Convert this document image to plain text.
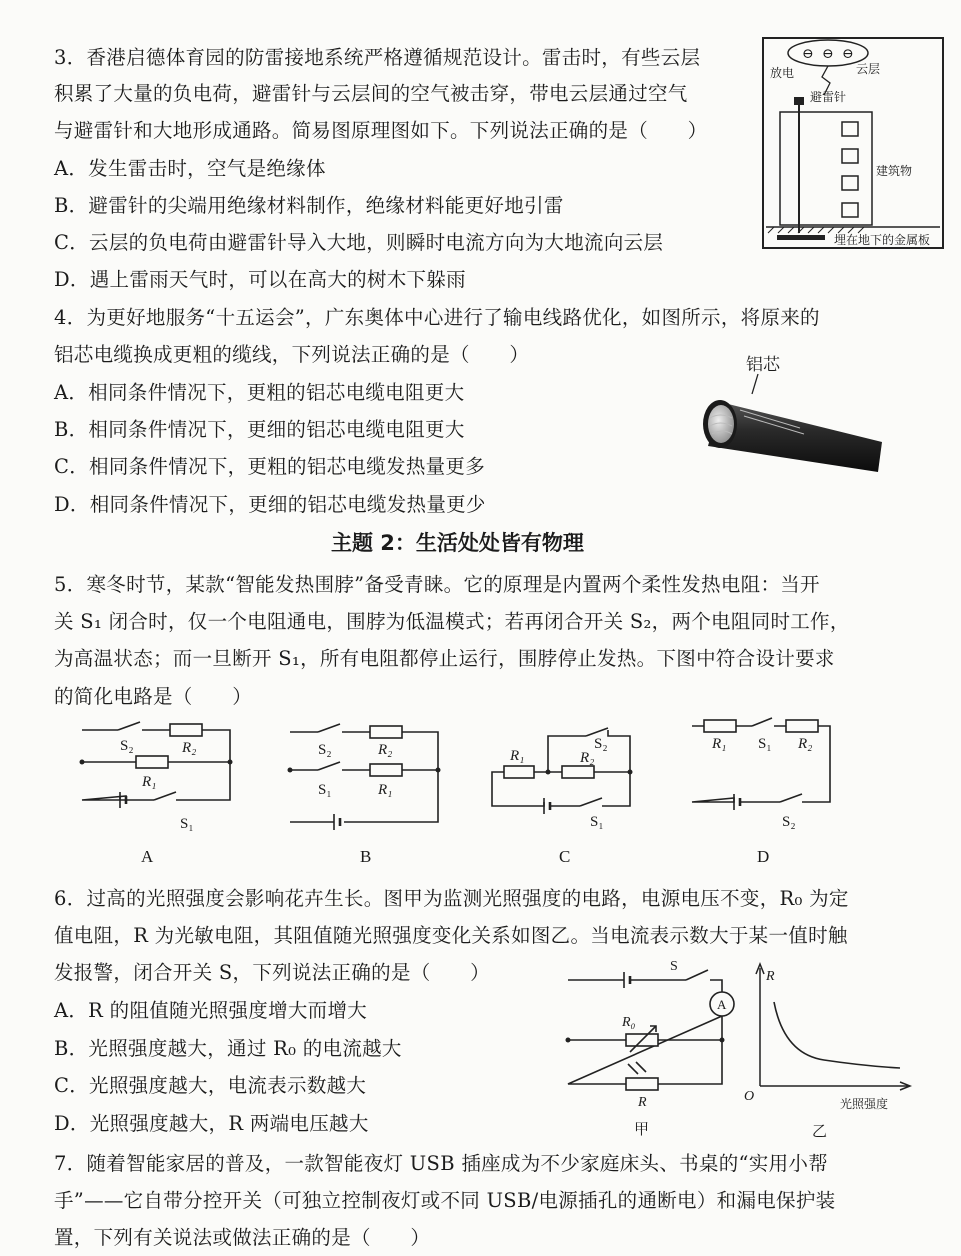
3．香港启德体育园的防雷接地系统严格遵循规范设计。雷击时，有些云层
积累了大量的负电荷，避雷针与云层间的空气被击穿，带电云层通过空气
与避雷针和大地形成通路。简易图原理图如下。下列说法正确的是（　　）
A．发生雷击时，空气是绝缘体
B．避雷针的尖端用绝缘材料制作，绝缘材料能更好地引雷
C．云层的负电荷由避雷针导入大地，则瞬时电流方向为大地流向云层
D．遇上雷雨天气时，可以在高大的树木下躲雨
⊖ ⊖ ⊖
放电	云层
避雷针
建筑物
埋在地下的金属板
4．为更好地服务“十五运会”，广东奥体中心进行了输电线路优化，如图所示，将原来的
铝芯电缆换成更粗的缆线，下列说法正确的是（　　）
A．相同条件情况下，更粗的铝芯电缆电阻更大
B．相同条件情况下，更细的铝芯电缆电阻更大
C．相同条件情况下，更粗的铝芯电缆发热量更多
D．相同条件情况下，更细的铝芯电缆发热量更少
铝芯
主题 2：生活处处皆有物理
5．寒冬时节，某款“智能发热围脖”备受青睐。它的原理是内置两个柔性发热电阻：当开
关 S₁ 闭合时，仅一个电阻通电，围脖为低温模式；若再闭合开关 S₂，两个电阻同时工作，
为高温状态；而一旦断开 S₁，所有电阻都停止运行，围脖停止发热。下图中符合设计要求
的简化电路是（　　）
S₂	R₂
R₁
S₁
A
S₂	R₂
S₁	R₁
B
R₁
S₂
R₂
S₁
C
R₁ S₁ R₂
S₂
D
6．过高的光照强度会影响花卉生长。图甲为监测光照强度的电路，电源电压不变，R₀ 为定
值电阻，R 为光敏电阻，其阻值随光照强度变化关系如图乙。当电流表示数大于某一值时触
发报警，闭合开关 S，下列说法正确的是（　　）
A．R 的阻值随光照强度增大而增大
B．光照强度越大，通过 R₀ 的电流越大
C．光照强度越大，电流表示数越大
D．光照强度越大，R 两端电压越大
S
A
R₀
R
甲
R
O	光照强度
乙
7．随着智能家居的普及，一款智能夜灯 USB 插座成为不少家庭床头、书桌的“实用小帮
手”——它自带分控开关（可独立控制夜灯或不同 USB/电源插孔的通断电）和漏电保护装
置，下列有关说法或做法正确的是（　　）
